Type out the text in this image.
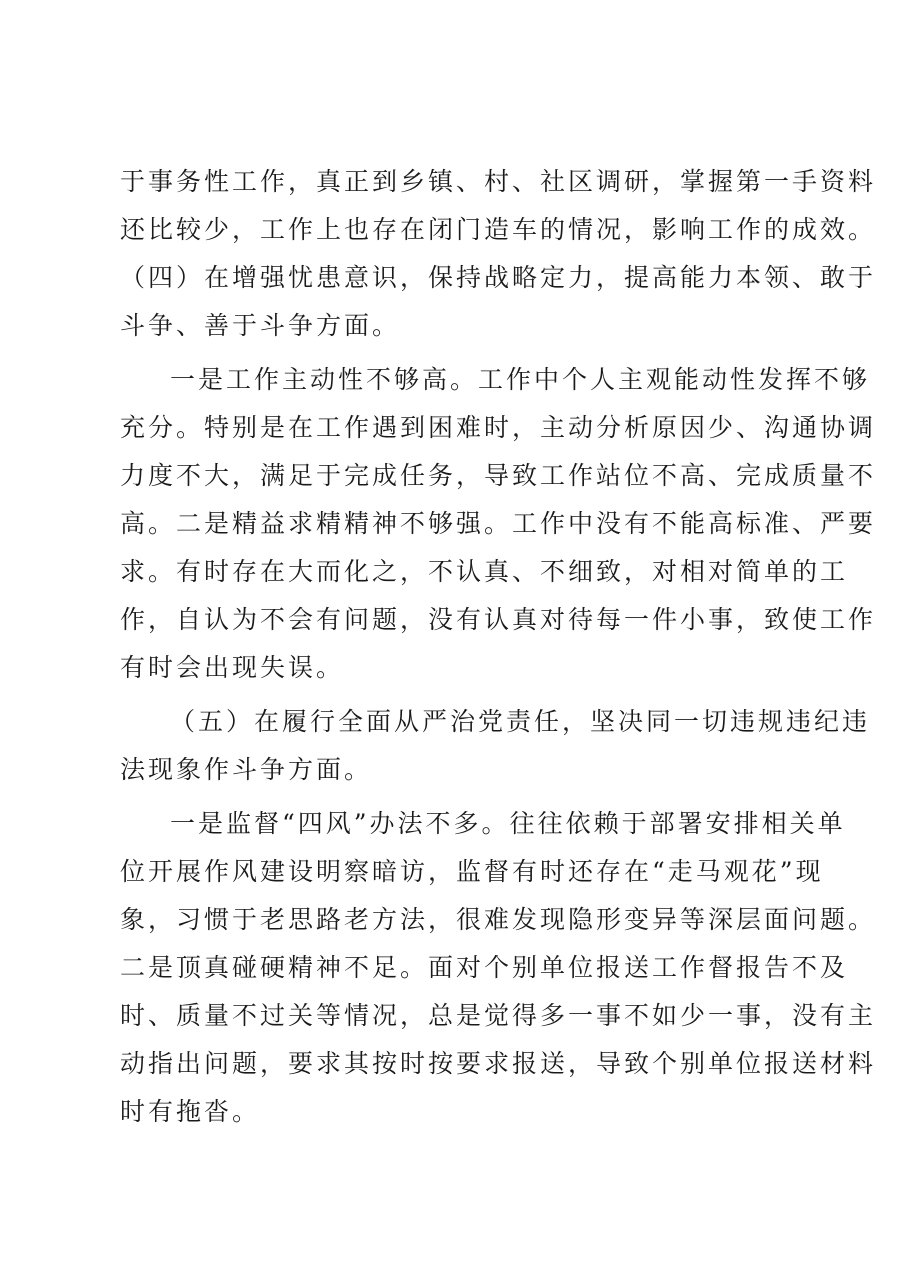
于事务性工作，真正到乡镇、村、社区调研，掌握第一手资料
还比较少，工作上也存在闭门造车的情况，影响工作的成效。
（四）在增强忧患意识，保持战略定力，提高能力本领、敢于
斗争、善于斗争方面。
一是工作主动性不够高。工作中个人主观能动性发挥不够
充分。特别是在工作遇到困难时，主动分析原因少、沟通协调
力度不大，满足于完成任务，导致工作站位不高、完成质量不
高。二是精益求精精神不够强。工作中没有不能高标准、严要
求。有时存在大而化之，不认真、不细致，对相对简单的工
作，自认为不会有问题，没有认真对待每一件小事，致使工作
有时会出现失误。
（五）在履行全面从严治党责任，坚决同一切违规违纪违
法现象作斗争方面。
一是监督“四风”办法不多。往往依赖于部署安排相关单
位开展作风建设明察暗访，监督有时还存在“走马观花”现
象，习惯于老思路老方法，很难发现隐形变异等深层面问题。
二是顶真碰硬精神不足。面对个别单位报送工作督报告不及
时、质量不过关等情况，总是觉得多一事不如少一事，没有主
动指出问题，要求其按时按要求报送，导致个别单位报送材料
时有拖沓。
